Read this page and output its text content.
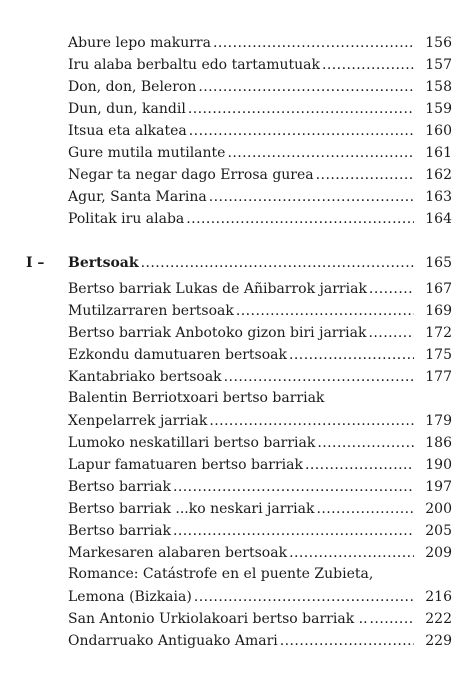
Abure lepo makurra . . .	156
Iru alaba berbaltu edo tartamutuak . . .	157
Don, don, Beleron . . .	158
Dun, dun, kandil . . .	159
Itsua eta alkatea . . .	160
Gure mutila mutilante . . .	161
Negar ta negar dago Errosa gurea . . .	162
Agur, Santa Marina . . .	163
Politak iru alaba . . .	164
I –	Bertsoak . . .	165
Bertso barriak Lukas de Añibarrok jarriak . . .	167
Mutilzarraren bertsoak . . .	169
Bertso barriak Anbotoko gizon biri jarriak . . .	172
Ezkondu damutuaren bertsoak . . .	175
Kantabriako bertsoak . . .	177
Balentin Berriotxoari bertso barriak
Xenpelarrek jarriak . . .	179
Lumoko neskatillari bertso barriak . . .	186
Lapur famatuaren bertso barriak . . .	190
Bertso barriak . . .	197
Bertso barriak ...ko neskari jarriak . . .	200
Bertso barriak . . .	205
Markesaren alabaren bertsoak . . .	209
Romance: Catástrofe en el puente Zubieta,
Lemona (Bizkaia) . . .	216
San Antonio Urkiolakoari bertso barriak .. . . .	222
Ondarruako Antiguako Amari . . .	229
